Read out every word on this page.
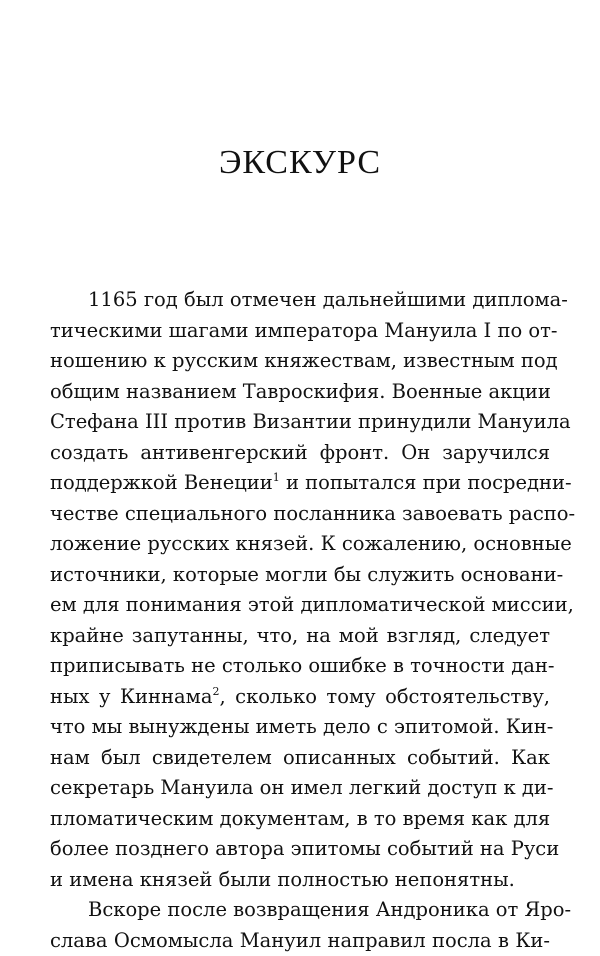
ЭКСКУРС
1165 год был отмечен дальнейшими диплома-
тическими шагами императора Мануила I по от-
ношению к русским княжествам, известным под
общим названием Тавроскифия. Военные акции
Стефана III против Византии принудили Мануила
создать антивенгерский фронт. Он заручился
поддержкой Венеции$^1$ и попытался при посредни-
честве специального посланника завоевать распо-
ложение русских князей. К сожалению, основные
источники, которые могли бы служить основани-
ем для понимания этой дипломатической миссии,
крайне запутанны, что, на мой взгляд, следует
приписывать не столько ошибке в точности дан-
ных у Киннама$^2$, сколько тому обстоятельству,
что мы вынуждены иметь дело с эпитомой. Кин-
нам был свидетелем описанных событий. Как
секретарь Мануила он имел легкий доступ к ди-
пломатическим документам, в то время как для
более позднего автора эпитомы событий на Руси
и имена князей были полностью непонятны.
Вскоре после возвращения Андроника от Яро-
слава Осмомысла Мануил направил посла в Ки-
